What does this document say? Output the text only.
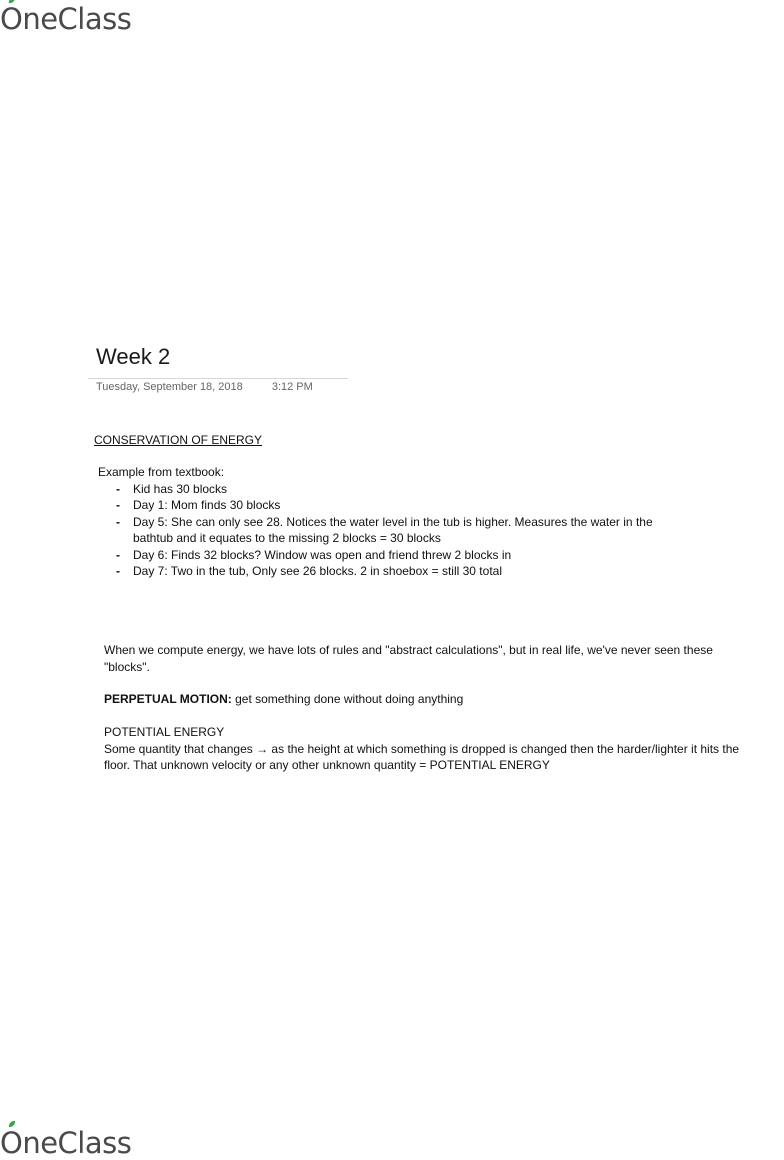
O neClass
Week 2
Tuesday, September 18, 2018	3:12 PM
CONSERVATION OF ENERGY
Example from textbook:
- Kid has 30 blocks
- Day 1: Mom finds 30 blocks
- Day 5: She can only see 28. Notices the water level in the tub is higher. Measures the water in the bathtub and it equates to the missing 2 blocks = 30 blocks
- Day 6: Finds 32 blocks? Window was open and friend threw 2 blocks in
- Day 7: Two in the tub, Only see 26 blocks. 2 in shoebox = still 30 total
When we compute energy, we have lots of rules and "abstract calculations", but in real life, we've never seen these "blocks".
PERPETUAL MOTION: get something done without doing anything
POTENTIAL ENERGY
Some quantity that changes → as the height at which something is dropped is changed then the harder/lighter it hits the floor. That unknown velocity or any other unknown quantity = POTENTIAL ENERGY
O neClass
